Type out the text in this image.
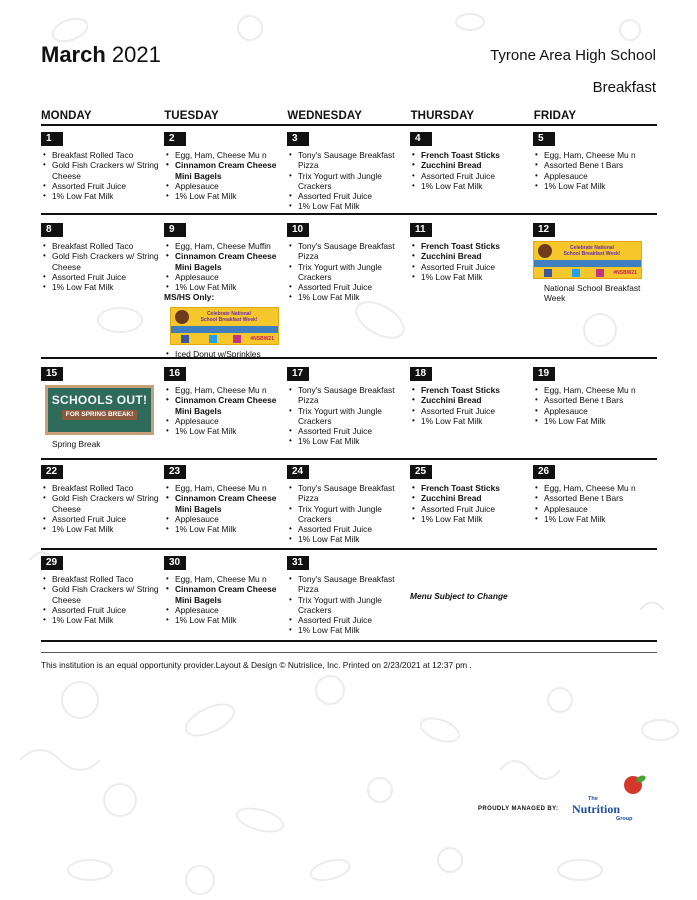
March 2021	Tyrone Area High School
Breakfast
MONDAY	TUESDAY	WEDNESDAY	THURSDAY	FRIDAY
1
• Breakfast Rolled Taco
• Gold Fish Crackers w/ String Cheese
• Assorted Fruit Juice
• 1% Low Fat Milk
2
• Egg, Ham, Cheese Mu n
• Cinnamon Cream Cheese Mini Bagels
• Applesauce
• 1% Low Fat Milk
3
• Tony's Sausage Breakfast Pizza
• Trix Yogurt with Jungle Crackers
• Assorted Fruit Juice
• 1% Low Fat Milk
4
• French Toast Sticks
• Zucchini Bread
• Assorted Fruit Juice
• 1% Low Fat Milk
5
• Egg, Ham, Cheese Mu n
• Assorted Bene t Bars
• Applesauce
• 1% Low Fat Milk
8
• Breakfast Rolled Taco
• Gold Fish Crackers w/ String Cheese
• Assorted Fruit Juice
• 1% Low Fat Milk
9
• Egg, Ham, Cheese Muffin
• Cinnamon Cream Cheese Mini Bagels
• Applesauce
• 1% Low Fat Milk
MS/HS Only:
Celebrate National School Breakfast Week!
#NSBW21
• Iced Donut w/Sprinkles
10
• Tony's Sausage Breakfast Pizza
• Trix Yogurt with Jungle Crackers
• Assorted Fruit Juice
• 1% Low Fat Milk
11
• French Toast Sticks
• Zucchini Bread
• Assorted Fruit Juice
• 1% Low Fat Milk
12
Celebrate National School Breakfast Week!
#NSBW21
National School Breakfast Week
15
SCHOOLS OUT!
FOR SPRING BREAK!
Spring Break
16
• Egg, Ham, Cheese Mu n
• Cinnamon Cream Cheese Mini Bagels
• Applesauce
• 1% Low Fat Milk
17
• Tony's Sausage Breakfast Pizza
• Trix Yogurt with Jungle Crackers
• Assorted Fruit Juice
• 1% Low Fat Milk
18
• French Toast Sticks
• Zucchini Bread
• Assorted Fruit Juice
• 1% Low Fat Milk
19
• Egg, Ham, Cheese Mu n
• Assorted Bene t Bars
• Applesauce
• 1% Low Fat Milk
22
• Breakfast Rolled Taco
• Gold Fish Crackers w/ String Cheese
• Assorted Fruit Juice
• 1% Low Fat Milk
23
• Egg, Ham, Cheese Mu n
• Cinnamon Cream Cheese Mini Bagels
• Applesauce
• 1% Low Fat Milk
24
• Tony's Sausage Breakfast Pizza
• Trix Yogurt with Jungle Crackers
• Assorted Fruit Juice
• 1% Low Fat Milk
25
• French Toast Sticks
• Zucchini Bread
• Assorted Fruit Juice
• 1% Low Fat Milk
26
• Egg, Ham, Cheese Mu n
• Assorted Bene t Bars
• Applesauce
• 1% Low Fat Milk
29
• Breakfast Rolled Taco
• Gold Fish Crackers w/ String Cheese
• Assorted Fruit Juice
• 1% Low Fat Milk
30
• Egg, Ham, Cheese Mu n
• Cinnamon Cream Cheese Mini Bagels
• Applesauce
• 1% Low Fat Milk
31
• Tony's Sausage Breakfast Pizza
• Trix Yogurt with Jungle Crackers
• Assorted Fruit Juice
• 1% Low Fat Milk
Menu Subject to Change
This institution is an equal opportunity provider.Layout & Design © Nutrislice, Inc. Printed on 2/23/2021 at 12:37 pm .
PROUDLY MANAGED BY:
The
Nutrition
Group
